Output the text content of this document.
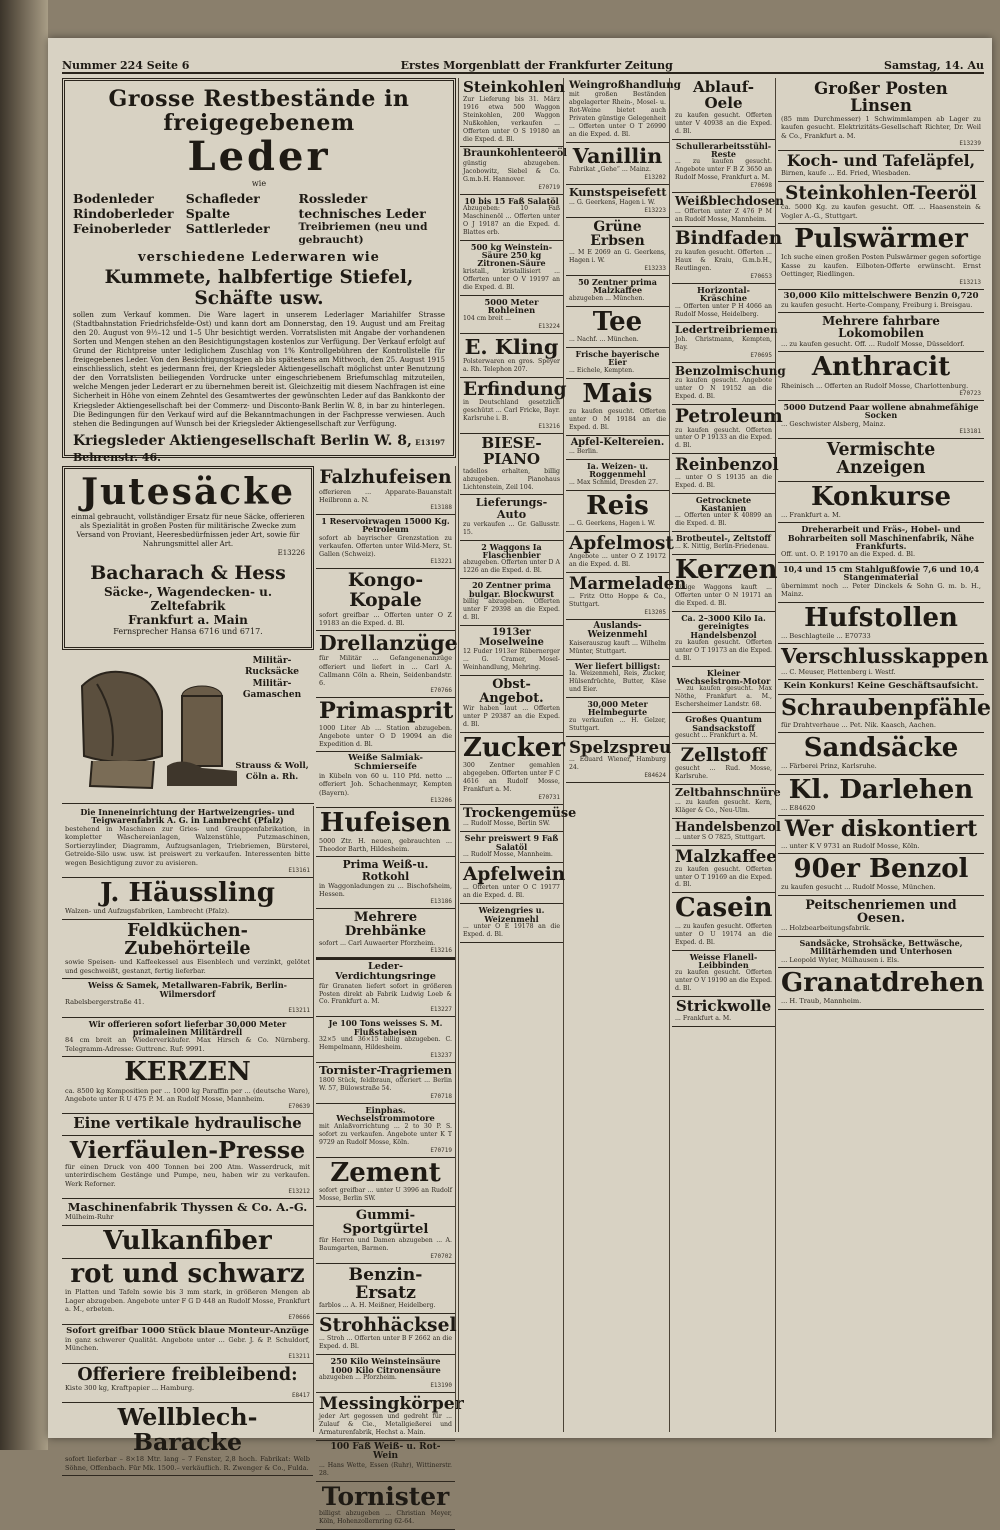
Nummer 224 Seite 6	Erstes Morgenblatt der Frankfurter Zeitung	Samstag, 14. Au
Grosse Restbestände in freigegebenem
Leder
wie
Bodenleder	Schafleder	Rossleder
Rindoberleder Spalte	technisches Leder
Feinoberleder	Sattlerleder	Treibriemen (neu und gebraucht)
verschiedene Lederwaren wie
Kummete, halbfertige Stiefel, Schäfte usw.
sollen zum Verkauf kommen. Die Ware lagert in unserem Lederlager Mariahilfer Strasse (Stadtbahnstation Friedrichsfelde-Ost) und kann dort am Donnerstag, den 19. August und am Freitag den 20. August von 9½–12 und 1–5 Uhr besichtigt werden. Vorratslisten mit Angabe der vorhandenen Sorten und Mengen stehen an den Besichtigungstagen kostenlos zur Verfügung. Der Verkauf erfolgt auf Grund der Richtpreise unter lediglichem Zuschlag von 1% Kontrollgebühren der Kontrollstelle für freigegebenes Leder. Von den Besichtigungstagen ab bis spätestens am Mittwoch, den 25. August 1915 einschliesslich, steht es jedermann frei, der Kriegsleder Aktiengesellschaft möglichst unter Benutzung der den Vorratslisten beiliegenden Vordrucke unter eingeschriebenem Briefumschlag mitzuteilen, welche Mengen jeder Lederart er zu übernehmen bereit ist. Gleichzeitig mit diesem Nachfragen ist eine Sicherheit in Höhe von einem Zehntel des Gesamtwertes der gewünschten Leder auf das Bankkonto der Kriegsleder Aktiengesellschaft bei der Commerz- und Disconto-Bank Berlin W. 8, in bar zu hinterlegen. Die Bedingungen für den Verkauf wird auf die Bekanntmachungen in der Fachpresse verwiesen. Auch stehen die Bedingungen auf Wunsch bei der Kriegsleder Aktiengesellschaft zur Verfügung.
Kriegsleder Aktiengesellschaft Berlin W. 8, Behrenstr. 46.
E13197
Jutesäcke
einmal gebraucht, vollständiger Ersatz für neue Säcke, offerieren als Spezialität in großen Posten für militärische Zwecke zum Versand von Proviant, Heeresbedürfnissen jeder Art, sowie für Nahrungsmittel aller Art.
E13226
Bacharach & Hess
Säcke-, Wagendecken- u. Zeltefabrik
Frankfurt a. Main
Fernsprecher Hansa 6716 und 6717.
Militär-Rucksäcke
Militär-Gamaschen
Strauss & Woll, Cöln a. Rh.
Die Inneneinrichtung der Hartweizengries- und Teigwarenfabrik A. G. in Lambrecht (Pfalz)
bestehend in Maschinen zur Gries- und Grauppenfabrikation, in kompletter Wäschereianlagen, Walzenstühle, Putzmaschinen, Sortierzylinder, Diagramm, Aufzugsanlagen, Triebriemen, Bürsterei, Getreide-Silo usw. usw. ist preiswert zu verkaufen. Interessenten bitte wegen Besichtigung zuvor zu avisieren.
E13161
J. Häussling
Walzen- und Aufzugsfabriken, Lambrecht (Pfalz).
Feldküchen-Zubehörteile
sowie Speisen- und Kaffeekessel aus Eisenblech und verzinkt, gelötet und geschweißt, gestanzt, fertig lieferbar.
Weiss & Samek, Metallwaren-Fabrik, Berlin-Wilmersdorf
Rabelsbergerstraße 41.
E13211
Wir offerieren sofort lieferbar 30,000 Meter primaleinen Militärdrell
84 cm breit an Wiederverkäufer. Max Hirsch & Co. Nürnberg. Telegramm-Adresse: Guttrenc. Ruf: 9991.
KERZEN
ca. 8500 kg Kompositien per ... 1000 kg Paraffin per ... (deutsche Ware), Angebote unter R U 475 P. M. an Rudolf Mosse, Mannheim.
E70639
Eine vertikale hydraulische
Vierfäulen-Presse
für einen Druck von 400 Tonnen bei 200 Atm. Wasserdruck, mit unterirdischem Gestänge und Pumpe, neu, haben wir zu verkaufen. Werk Reforner.
E13212
Maschinenfabrik Thyssen & Co. A.-G.
Mülheim-Ruhr
Vulkanfiber
rot und schwarz
in Platten und Tafeln sowie bis 3 mm stark, in größeren Mengen ab Lager abzugeben. Angebote unter F G D 448 an Rudolf Mosse, Frankfurt a. M., erbeten.
E70666
Sofort greifbar 1000 Stück blaue Monteur-Anzüge
in ganz schwerer Qualität. Angebote unter ... Gebr. J. & P. Schuldorf, München.
E13211
Offeriere freibleibend:
Kiste 300 kg, Kraftpapier ... Hamburg.
E8417
Wellblech-Baracke
sofort lieferbar – 8×18 Mtr. lang – 7 Fenster, 2,8 hoch. Fabrikat: Welb Söhne, Offenbach. Für Mk. 1500.– verkäuflich. R. Zwenger & Co., Fulda.
Falzhufeisen
offerieren ... Apparate-Bauanstalt Heilbronn a. N.
E13188
1 Reservoirwagen 15000 Kg. Petroleum
sofort ab bayrischer Grenzstation zu verkaufen. Offerten unter Wild-Merz, St. Gallen (Schweiz).
E13221
Kongo-Kopale
sofort greifbar ... Offerten unter O Z 19183 an die Exped. d. Bl.
Drellanzüge
für Militär ... Gefangenenanzüge offeriert und liefert in ... Carl A. Callmann Cöln a. Rhein, Seidenbandstr. 6.
E70766
Primasprit
1000 Liter Ab ... Station abzugeben. Angebote unter O D 19094 an die Expedition d. Bl.
Weiße Salmiak-Schmierseife
in Kübeln von 60 u. 110 Pfd. netto ... offeriert Joh. Schachenmayr, Kempten (Bayern).
E13206
Hufeisen
5000 Ztr. H. neuen, gebrauchten ... Theodor Barth, Hildesheim.
Prima Weiß-u. Rotkohl
in Waggonladungen zu ... Bischofsheim, Hessen.
E13186
Mehrere Drehbänke
sofort ... Carl Auwaerter Pforzheim.
E13216
Leder-Verdichtungsringe
für Granaten liefert sofort in größeren Posten direkt ab Fabrik Ludwig Loeb & Co. Frankfurt a. M.
E13227
Je 100 Tons weisses S. M. Flußstabeisen
32×5 und 36×15 billig abzugeben. C. Hempelmann, Hildesheim.
E13237
Tornister-Tragriemen
1800 Stück, feldbraun, offeriert ... Berlin W. 57, Bülowstraße 54.
E70718
Einphas. Wechselstrommotore
mit Anlaßvorrichtung ... 2 to 30 P. S. sofort zu verkaufen. Angebote unter K T 9729 an Rudolf Mosse, Köln.
E70719
Zement
sofort greifbar ... unter U 3996 an Rudolf Mosse, Berlin SW.
Gummi-Sportgürtel
für Herren und Damen abzugeben ... A. Baumgarten, Barmen.
E70702
Benzin-Ersatz
farblos ... A. H. Meißner, Heidelberg.
Strohhäcksel
... Stroh ... Offerten unter B F 2662 an die Exped. d. Bl.
250 Kilo Weinsteinsäure 1000 Kilo Citronensäure
abzugeben ... Pforzheim.
E13190
Messingkörper
jeder Art gegossen und gedreht für ... Zulauf & Cie., Metallgießerei und Armaturenfabrik, Hechst a. Main.
100 Faß Weiß- u. Rot-Wein
... Hans Wette, Essen (Ruhr), Wittinerstr. 28.
Tornister
billigst abzugeben ... Christian Meyer, Köln, Hohenzollernring 62-64.
Steinkohlen
Zur Lieferung bis 31. März 1916 etwa 500 Waggon Steinkohlen, 200 Waggon Nußkohlen, verkaufen ... Offerten unter O S 19180 an die Exped. d. Bl.
Braunkohlenteeröl
günstig abzugeben. Jacobowitz, Siebel & Co. G.m.b.H. Hannover.
E70719
10 bis 15 Faß Salatöl
Abzugeben: 10 Faß Maschinenöl ... Offerten unter O J 19187 an die Exped. d. Blattes erb.
500 kg Weinstein-Säure 250 kg Zitronen-Säure
kristall., kristallisiert ... Offerten unter O V 19197 an die Exped. d. Bl.
5000 Meter Rohleinen
104 cm breit ...
E13224
E. Kling
Polsterwaren en gros. Speyer a. Rh. Telephon 207.
Erfindung
in Deutschland gesetzlich geschützt ... Carl Fricke, Bayr. Karlsruhe i. B.
E13216
BIESE-PIANO
tadellos erhalten, billig abzugeben. Pianohaus Lichtenstein, Zeil 104.
Lieferungs-Auto
zu verkaufen ... Gr. Gallusstr. 15.
2 Waggons Ia Flaschenbier
abzugeben. Offerten unter D A 1226 an die Exped. d. Bl.
20 Zentner prima bulgar. Blockwurst
billig abzugeben. Offerten unter F 29398 an die Exped. d. Bl.
1913er Moselweine
12 Fuder 1913er Rübernerger ... G. Cramer, Mosel-Weinhandlung, Mehring.
Obst-Angebot.
Wir haben laut ... Offerten unter P 29387 an die Exped. d. Bl.
Zucker
300 Zentner gemahlen abgegeben. Offerten unter F C 4616 an Rudolf Mosse, Frankfurt a. M.
E70731
Trockengemüse
... Rudolf Mosse, Berlin SW.
Sehr preiswert 9 Faß Salatöl
... Rudolf Mosse, Mannheim.
Apfelwein
... Offerten unter O C 19177 an die Exped. d. Bl.
Weizengries u. Weizenmehl
... unter O E 19178 an die Exped. d. Bl.
Weingroßhandlung
mit großen Beständen abgelagerter Rhein-, Mosel- u. Rot-Weine bietet auch Privaten günstige Gelegenheit ... Offerten unter O T 26990 an die Exped. d. Bl.
Vanillin
Fabrikat „Gehe“ ... Mainz.
E13202
Kunstspeisefett
... G. Geerkens, Hagen i. W.
E13223
Grüne Erbsen
... M E 2069 an G. Geerkens, Hagen i. W.
E13233
50 Zentner prima Malzkaffee
abzugeben ... München.
Tee
... Nachf. ... München.
Frische bayerische Eier
... Eichele, Kempten.
Mais
zu kaufen gesucht. Offerten unter O M 19184 an die Exped. d. Bl.
Apfel-Keltereien.
... Berlin.
Ia. Weizen- u. Roggenmehl
... Max Schmid, Dresden 27.
Reis
... G. Geerkens, Hagen i. W.
Apfelmost
Angebote ... unter O Z 19172 an die Exped. d. Bl.
Marmeladen
... Fritz Otto Hoppe & Co., Stuttgart.
E13205
Auslands-Weizenmehl
Kaiserauszug kauft ... Wilhelm Münter, Stuttgart.
Wer liefert billigst:
Ia. Weizenmehl, Reis, Zucker, Hülsenfrüchte, Butter, Käse und Eier.
30,000 Meter Helmbegurte
zu verkaufen ... H. Gelzer, Stuttgart.
Spelzspreu
... Eduard Wiener, Hamburg 24.
E84624
Ablauf-Oele
zu kaufen gesucht. Offerten unter V 40938 an die Exped. d. Bl.
Schullerarbeitsstühl-Reste
... zu kaufen gesucht. Angebote unter F B Z 3650 an Rudolf Mosse, Frankfurt a. M.
E70698
Weißblechdosen
... Offerten unter Z 476 P M an Rudolf Mosse, Mannheim.
Bindfaden
zu kaufen gesucht. Offerten ... Haux & Kraiu, G.m.b.H., Reutlingen.
E70653
Horizontal-Kräschine
... Offerten unter P H 4066 an Rudolf Mosse, Heidelberg.
Ledertreibriemen
Joh. Christmann, Kempten, Bay.
E70695
Benzolmischung
zu kaufen gesucht. Angebote unter O N 19152 an die Exped. d. Bl.
Petroleum
zu kaufen gesucht. Offerten unter O P 19133 an die Exped. d. Bl.
Reinbenzol
... unter O S 19135 an die Exped. d. Bl.
Getrocknete Kastanien
... Offerten unter K 40899 an die Exped. d. Bl.
Brotbeutel-, Zeltstoff
... K. Nittig, Berlin-Friedenau.
Kerzen
Einige Waggons kauft ... Offerten unter O N 19171 an die Exped. d. Bl.
Ca. 2–3000 Kilo Ia. gereinigtes Handelsbenzol
zu kaufen gesucht. Offerten unter O T 19173 an die Exped. d. Bl.
Kleiner Wechselstrom-Motor
... zu kaufen gesucht. Max Nöthe, Frankfurt a. M., Eschersheimer Landstr. 68.
Großes Quantum Sandsackstoff
gesucht ... Frankfurt a. M.
Zellstoff
gesucht ... Rud. Mosse, Karlsruhe.
Zeltbahnschnüre
... zu kaufen gesucht. Kern, Kläger & Co., Neu-Ulm.
Handelsbenzol
... unter S O 7825, Stuttgart.
Malzkaffee
zu kaufen gesucht. Offerten unter O T 19169 an die Exped. d. Bl.
Casein
... zu kaufen gesucht. Offerten unter O U 19174 an die Exped. d. Bl.
Weisse Flanell-Leibbinden
zu kaufen gesucht. Offerten unter O V 19190 an die Exped. d. Bl.
Strickwolle
... Frankfurt a. M.
Großer Posten Linsen
(85 mm Durchmesser) 1 Schwimmlampen ab Lager zu kaufen gesucht. Elektrizitäts-Gesellschaft Richter, Dr. Weil & Co., Frankfurt a. M.
E13239
Koch- und Tafeläpfel,
Birnen, kaufe ... Ed. Fried, Wiesbaden.
Steinkohlen-Teeröl
ca. 5000 Kg. zu kaufen gesucht. Off. ... Haasenstein & Vogler A.-G., Stuttgart.
Pulswärmer
Ich suche einen großen Posten Pulswärmer gegen sofortige Kasse zu kaufen. Eilboten-Offerte erwünscht. Ernst Oettinger, Riedlingen.
E13213
30,000 Kilo mittelschwere Benzin 0,720
zu kaufen gesucht. Herte-Company, Freiburg i. Breisgau.
Mehrere fahrbare Lokomobilen
... zu kaufen gesucht. Off. ... Rudolf Mosse, Düsseldorf.
Anthracit
Rheinisch ... Offerten an Rudolf Mosse, Charlottenburg.
E70723
5000 Dutzend Paar wollene abnahmefähige Socken
... Geschwister Alsberg, Mainz.
E13181
Vermischte Anzeigen
Konkurse
... Frankfurt a. M.
Dreherarbeit und Fräs-, Hobel- und Bohrarbeiten soll Maschinenfabrik, Nähe Frankfurts.
Off. unt. O. P. 19170 an die Exped. d. Bl.
10,4 und 15 cm Stahlgußfowie 7,6 und 10,4 Stangenmaterial
übernimmt noch ... Peter Dinckels & Sohn G. m. b. H., Mainz.
Hufstollen
... Beschlagteile ... E70733
Verschlusskappen
... C. Meuser, Plettenberg i. Westf.
Kein Konkurs! Keine Geschäftsaufsicht.
Schraubenpfähle
für Drahtverhaue ... Pet. Nik. Kaasch, Aachen.
Sandsäcke
... Färberei Prinz, Karlsruhe.
Kl. Darlehen
... E84620
Wer diskontiert
... unter K V 9731 an Rudolf Mosse, Köln.
90er Benzol
zu kaufen gesucht ... Rudolf Mosse, München.
Peitschenriemen und Oesen.
... Holzbearbeitungsfabrik.
Sandsäcke, Strohsäcke, Bettwäsche, Militärhemden und Unterhosen
... Leopold Wyler, Mülhausen i. Els.
Granatdrehen
... H. Traub, Mannheim.
